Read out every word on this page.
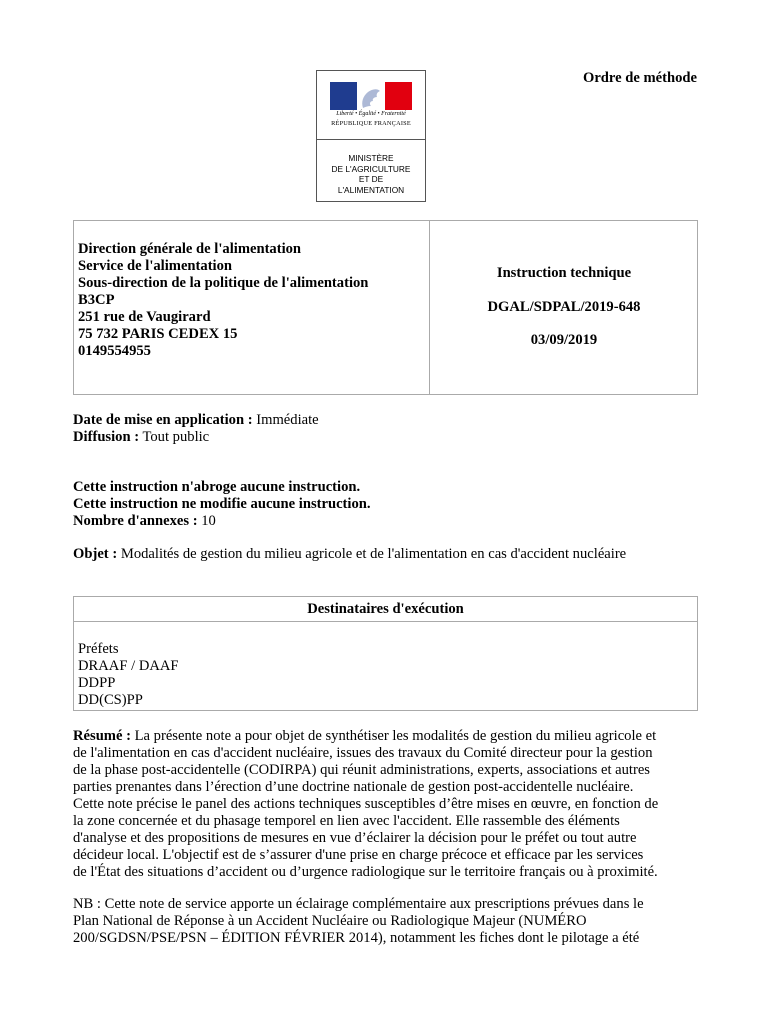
Liberté • Égalité • Fraternité
RÉPUBLIQUE FRANÇAISE
MINISTÈRE
DE L'AGRICULTURE
ET DE
L'ALIMENTATION
Ordre de méthode
Direction générale de l'alimentation
Service de l'alimentation
Sous-direction de la politique de l'alimentation
B3CP
251 rue de Vaugirard
75 732 PARIS CEDEX 15
0149554955
Instruction technique
DGAL/SDPAL/2019-648
03/09/2019
Date de mise en application : Immédiate
Diffusion : Tout public
Cette instruction n'abroge aucune instruction.
Cette instruction ne modifie aucune instruction.
Nombre d'annexes : 10
Objet : Modalités de gestion du milieu agricole et de l'alimentation en cas d'accident nucléaire
Destinataires d'exécution
Préfets
DRAAF / DAAF
DDPP
DD(CS)PP
Résumé : La présente note a pour objet de synthétiser les modalités de gestion du milieu agricole et
de l'alimentation en cas d'accident nucléaire, issues des travaux du Comité directeur pour la gestion
de la phase post-accidentelle (CODIRPA) qui réunit administrations, experts, associations et autres
parties prenantes dans l’érection d’une doctrine nationale de gestion post-accidentelle nucléaire.
Cette note précise le panel des actions techniques susceptibles d’être mises en œuvre, en fonction de
la zone concernée et du phasage temporel en lien avec l'accident. Elle rassemble des éléments
d'analyse et des propositions de mesures en vue d’éclairer la décision pour le préfet ou tout autre
décideur local. L'objectif est de s’assurer d'une prise en charge précoce et efficace par les services
de l'État des situations d’accident ou d’urgence radiologique sur le territoire français ou à proximité.
NB : Cette note de service apporte un éclairage complémentaire aux prescriptions prévues dans le
Plan National de Réponse à un Accident Nucléaire ou Radiologique Majeur (NUMÉRO
200/SGDSN/PSE/PSN – ÉDITION FÉVRIER 2014), notamment les fiches dont le pilotage a été
